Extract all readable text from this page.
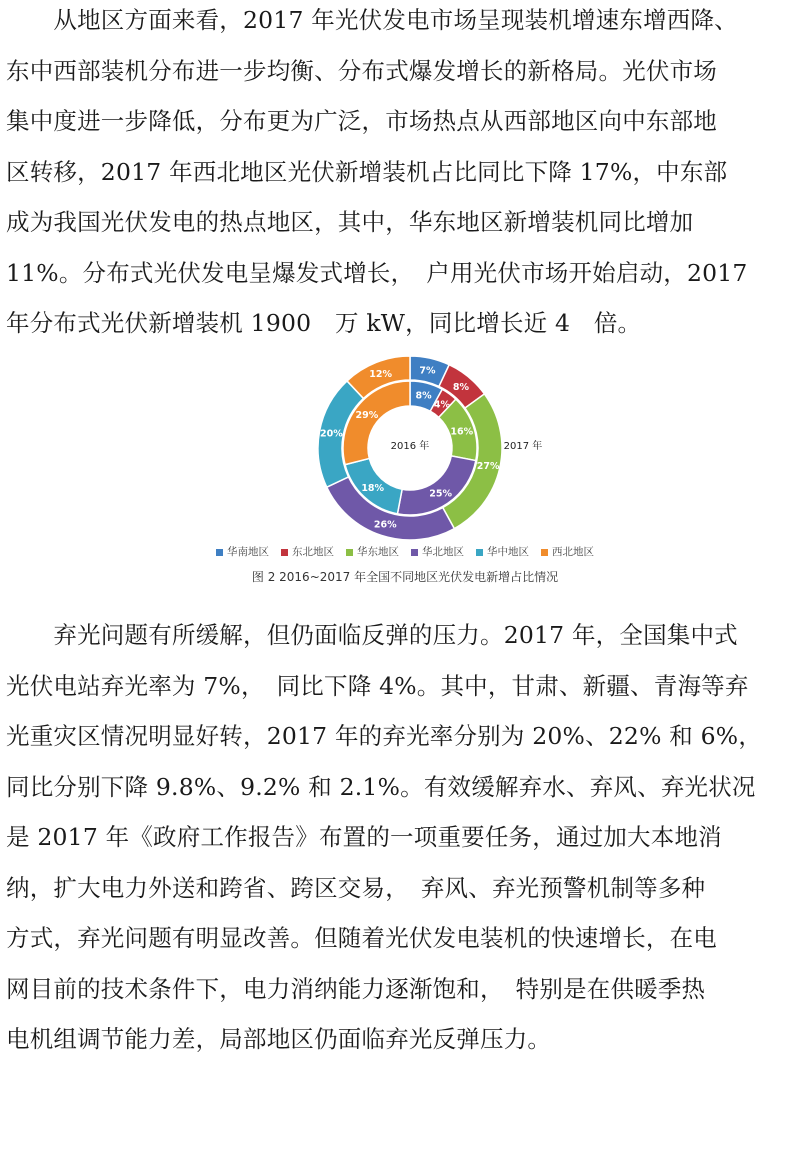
　　从地区方面来看，2017 年光伏发电市场呈现装机增速东增西降、
东中西部装机分布进一步均衡、分布式爆发增长的新格局。光伏市场
集中度进一步降低，分布更为广泛，市场热点从西部地区向中东部地
区转移，2017 年西北地区光伏新增装机占比同比下降 17%，中东部
成为我国光伏发电的热点地区，其中，华东地区新增装机同比增加
11%。分布式光伏发电呈爆发式增长，　户用光伏市场开始启动，2017
年分布式光伏新增装机 1900　万 kW，同比增长近 4　倍。
8%
4%
16%
25%
18%
29%
7%
8%
27%
26%
20%
12%
2016 年	2017 年
华南地区 东北地区 华东地区 华北地区 华中地区 西北地区
图 2 2016~2017 年全国不同地区光伏发电新增占比情况
　　弃光问题有所缓解，但仍面临反弹的压力。2017 年，全国集中式
光伏电站弃光率为 7%，　同比下降 4%。其中，甘肃、新疆、青海等弃
光重灾区情况明显好转，2017 年的弃光率分别为 20%、22% 和 6%，
同比分别下降 9.8%、9.2% 和 2.1%。有效缓解弃水、弃风、弃光状况
是 2017 年《政府工作报告》布置的一项重要任务，通过加大本地消
纳，扩大电力外送和跨省、跨区交易，　弃风、弃光预警机制等多种
方式，弃光问题有明显改善。但随着光伏发电装机的快速增长，在电
网目前的技术条件下，电力消纳能力逐渐饱和，　特别是在供暖季热
电机组调节能力差，局部地区仍面临弃光反弹压力。
